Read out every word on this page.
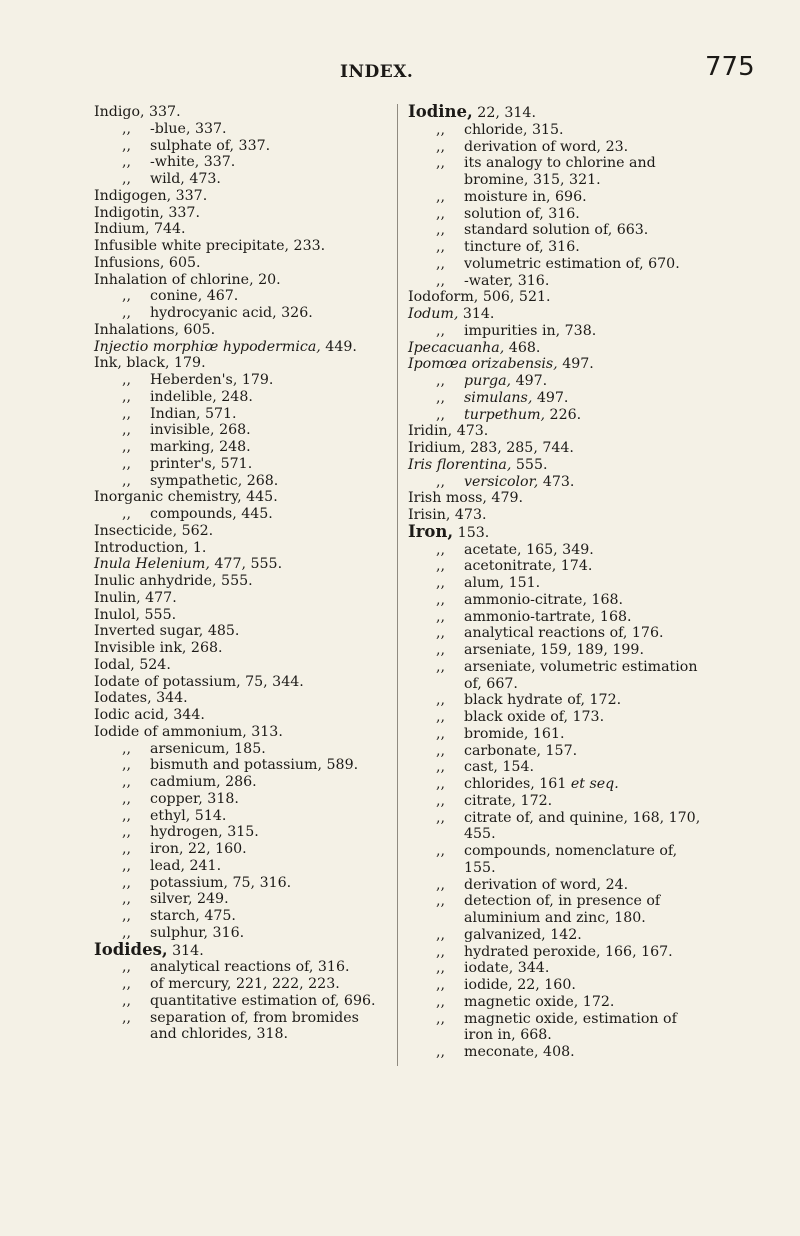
INDEX.	775
Indigo, 337.
,, -blue, 337.
,, sulphate of, 337.
,, -white, 337.
,, wild, 473.
Indigogen, 337.
Indigotin, 337.
Indium, 744.
Infusible white precipitate, 233.
Infusions, 605.
Inhalation of chlorine, 20.
,, conine, 467.
,, hydrocyanic acid, 326.
Inhalations, 605.
Injectio morphiœ hypodermica, 449.
Ink, black, 179.
,, Heberden's, 179.
,, indelible, 248.
,, Indian, 571.
,, invisible, 268.
,, marking, 248.
,, printer's, 571.
,, sympathetic, 268.
Inorganic chemistry, 445.
,, compounds, 445.
Insecticide, 562.
Introduction, 1.
Inula Helenium, 477, 555.
Inulic anhydride, 555.
Inulin, 477.
Inulol, 555.
Inverted sugar, 485.
Invisible ink, 268.
Iodal, 524.
Iodate of potassium, 75, 344.
Iodates, 344.
Iodic acid, 344.
Iodide of ammonium, 313.
,, arsenicum, 185.
,, bismuth and potassium, 589.
,, cadmium, 286.
,, copper, 318.
,, ethyl, 514.
,, hydrogen, 315.
,, iron, 22, 160.
,, lead, 241.
,, potassium, 75, 316.
,, silver, 249.
,, starch, 475.
,, sulphur, 316.
Iodides, 314.
,, analytical reactions of, 316.
,, of mercury, 221, 222, 223.
,, quantitative estimation of, 696.
,, separation of, from bromides and chlorides, 318.
Iodine, 22, 314.
,, chloride, 315.
,, derivation of word, 23.
,, its analogy to chlorine and bromine, 315, 321.
,, moisture in, 696.
,, solution of, 316.
,, standard solution of, 663.
,, tincture of, 316.
,, volumetric estimation of, 670.
,, -water, 316.
Iodoform, 506, 521.
Iodum, 314.
,, impurities in, 738.
Ipecacuanha, 468.
Ipomœa orizabensis, 497.
,, purga, 497.
,, simulans, 497.
,, turpethum, 226.
Iridin, 473.
Iridium, 283, 285, 744.
Iris florentina, 555.
,, versicolor, 473.
Irish moss, 479.
Irisin, 473.
Iron, 153.
,, acetate, 165, 349.
,, acetonitrate, 174.
,, alum, 151.
,, ammonio-citrate, 168.
,, ammonio-tartrate, 168.
,, analytical reactions of, 176.
,, arseniate, 159, 189, 199.
,, arseniate, volumetric estimation of, 667.
,, black hydrate of, 172.
,, black oxide of, 173.
,, bromide, 161.
,, carbonate, 157.
,, cast, 154.
,, chlorides, 161 et seq.
,, citrate, 172.
,, citrate of, and quinine, 168, 170, 455.
,, compounds, nomenclature of, 155.
,, derivation of word, 24.
,, detection of, in presence of aluminium and zinc, 180.
,, galvanized, 142.
,, hydrated peroxide, 166, 167.
,, iodate, 344.
,, iodide, 22, 160.
,, magnetic oxide, 172.
,, magnetic oxide, estimation of iron in, 668.
,, meconate, 408.
